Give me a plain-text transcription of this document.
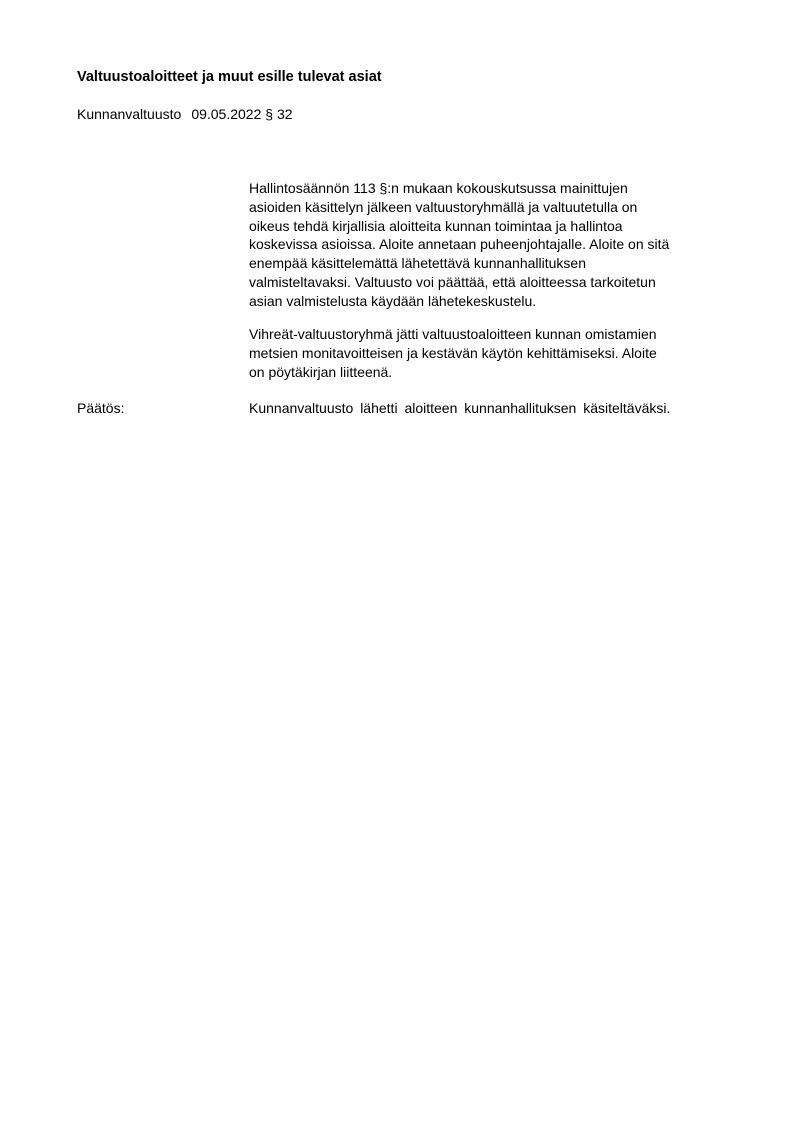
Valtuustoaloitteet ja muut esille tulevat asiat
Kunnanvaltuusto 09.05.2022 § 32
Hallintosäännön 113 §:n mukaan kokouskutsussa mainittujen
asioiden käsittelyn jälkeen valtuustoryhmällä ja valtuutetulla on
oikeus tehdä kirjallisia aloitteita kunnan toimintaa ja hallintoa
koskevissa asioissa. Aloite annetaan puheenjohtajalle. Aloite on sitä
enempää käsittelemättä lähetettävä kunnanhallituksen
valmisteltavaksi. Valtuusto voi päättää, että aloitteessa tarkoitetun
asian valmistelusta käydään lähetekeskustelu.
Vihreät-valtuustoryhmä jätti valtuustoaloitteen kunnan omistamien
metsien monitavoitteisen ja kestävän käytön kehittämiseksi. Aloite
on pöytäkirjan liitteenä.
Päätös:	Kunnanvaltuusto lähetti aloitteen kunnanhallituksen käsiteltäväksi.
